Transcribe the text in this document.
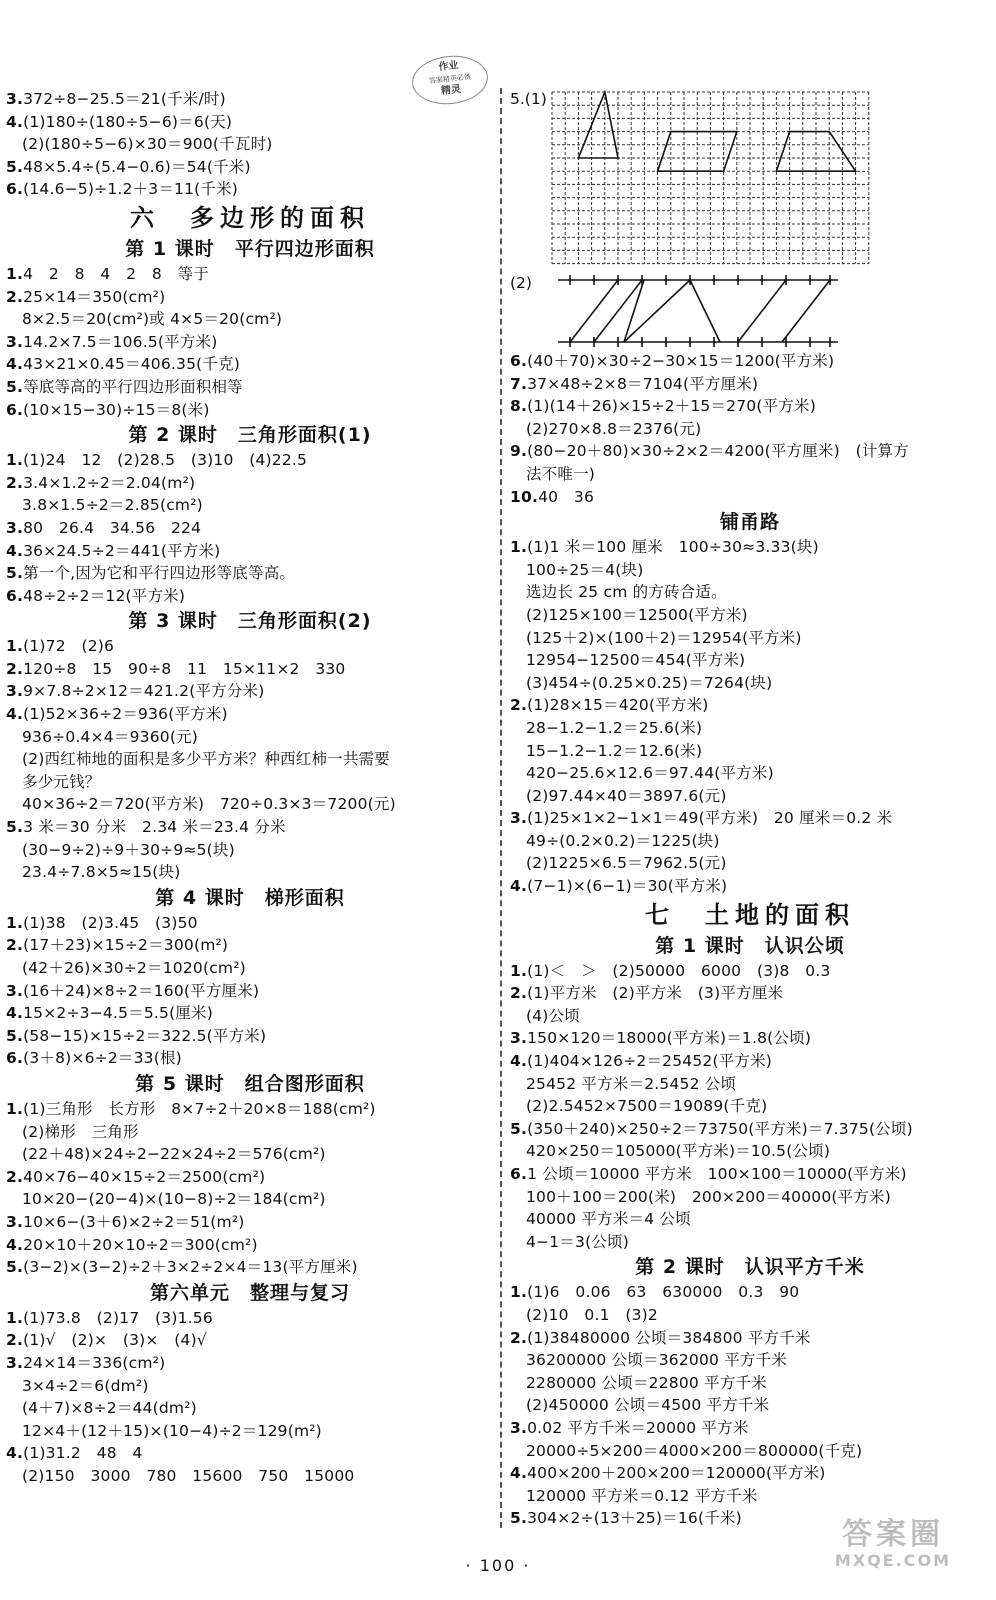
作业
答案精英必备
精灵
3.372÷8−25.5＝21(千米/时)
4.(1)180÷(180÷5−6)＝6(天)
(2)(180÷5−6)×30＝900(千瓦时)
5.48×5.4÷(5.4−0.6)＝54(千米)
6.(14.6−5)÷1.2＋3＝11(千米)
六　多边形的面积
第 1 课时　平行四边形面积
1.4　2　8　4　2　8　等于
2.25×14＝350(cm²)
8×2.5＝20(cm²)或 4×5＝20(cm²)
3.14.2×7.5＝106.5(平方米)
4.43×21×0.45＝406.35(千克)
5.等底等高的平行四边形面积相等
6.(10×15−30)÷15＝8(米)
第 2 课时　三角形面积(1)
1.(1)24　12　(2)28.5　(3)10　(4)22.5
2.3.4×1.2÷2＝2.04(m²)
3.8×1.5÷2＝2.85(cm²)
3.80　26.4　34.56　224
4.36×24.5÷2＝441(平方米)
5.第一个,因为它和平行四边形等底等高。
6.48÷2÷2＝12(平方米)
第 3 课时　三角形面积(2)
1.(1)72　(2)6
2.120÷8　15　90÷8　11　15×11×2　330
3.9×7.8÷2×12＝421.2(平方分米)
4.(1)52×36÷2＝936(平方米)
936÷0.4×4＝9360(元)
(2)西红柿地的面积是多少平方米？种西红柿一共需要
多少元钱？
40×36÷2＝720(平方米)　720÷0.3×3＝7200(元)
5.3 米＝30 分米　2.34 米＝23.4 分米
(30−9÷2)÷9＋30÷9≈5(块)
23.4÷7.8×5≈15(块)
第 4 课时　梯形面积
1.(1)38　(2)3.45　(3)50
2.(17＋23)×15÷2＝300(m²)
(42＋26)×30÷2＝1020(cm²)
3.(16＋24)×8÷2＝160(平方厘米)
4.15×2÷3−4.5＝5.5(厘米)
5.(58−15)×15÷2＝322.5(平方米)
6.(3＋8)×6÷2＝33(根)
第 5 课时　组合图形面积
1.(1)三角形　长方形　8×7÷2＋20×8＝188(cm²)
(2)梯形　三角形
(22＋48)×24÷2−22×24÷2＝576(cm²)
2.40×76−40×15÷2＝2500(cm²)
10×20−(20−4)×(10−8)÷2＝184(cm²)
3.10×6−(3＋6)×2÷2＝51(m²)
4.20×10＋20×10÷2＝300(cm²)
5.(3−2)×(3−2)÷2＋3×2÷2×4＝13(平方厘米)
第六单元　整理与复习
1.(1)73.8　(2)17　(3)1.56
2.(1)√　(2)×　(3)×　(4)√
3.24×14＝336(cm²)
3×4÷2＝6(dm²)
(4＋7)×8÷2＝44(dm²)
12×4＋(12＋15)×(10−4)÷2＝129(m²)
4.(1)31.2　48　4
(2)150　3000　780　15600　750　15000
5.(1)
(2)
6.(40＋70)×30÷2−30×15＝1200(平方米)
7.37×48÷2×8＝7104(平方厘米)
8.(1)(14＋26)×15÷2＋15＝270(平方米)
(2)270×8.8＝2376(元)
9.(80−20＋80)×30÷2×2＝4200(平方厘米)　(计算方
法不唯一)
10.40　36
铺甬路
1.(1)1 米＝100 厘米　100÷30≈3.33(块)
100÷25＝4(块)
选边长 25 cm 的方砖合适。
(2)125×100＝12500(平方米)
(125＋2)×(100＋2)＝12954(平方米)
12954−12500＝454(平方米)
(3)454÷(0.25×0.25)＝7264(块)
2.(1)28×15＝420(平方米)
28−1.2−1.2＝25.6(米)
15−1.2−1.2＝12.6(米)
420−25.6×12.6＝97.44(平方米)
(2)97.44×40＝3897.6(元)
3.(1)25×1×2−1×1＝49(平方米)　20 厘米＝0.2 米
49÷(0.2×0.2)＝1225(块)
(2)1225×6.5＝7962.5(元)
4.(7−1)×(6−1)＝30(平方米)
七　土地的面积
第 1 课时　认识公顷
1.(1)＜　＞　(2)50000　6000　(3)8　0.3
2.(1)平方米　(2)平方米　(3)平方厘米
(4)公顷
3.150×120＝18000(平方米)＝1.8(公顷)
4.(1)404×126÷2＝25452(平方米)
25452 平方米＝2.5452 公顷
(2)2.5452×7500＝19089(千克)
5.(350＋240)×250÷2＝73750(平方米)＝7.375(公顷)
420×250＝105000(平方米)＝10.5(公顷)
6.1 公顷＝10000 平方米　100×100＝10000(平方米)
100＋100＝200(米)　200×200＝40000(平方米)
40000 平方米＝4 公顷
4−1＝3(公顷)
第 2 课时　认识平方千米
1.(1)6　0.06　63　630000　0.3　90
(2)10　0.1　(3)2
2.(1)38480000 公顷＝384800 平方千米
36200000 公顷＝362000 平方千米
2280000 公顷＝22800 平方千米
(2)450000 公顷＝4500 平方千米
3.0.02 平方千米＝20000 平方米
20000÷5×200＝4000×200＝800000(千克)
4.400×200＋200×200＝120000(平方米)
120000 平方米＝0.12 平方千米
5.304×2÷(13＋25)＝16(千米)
· 100 ·
答案圈
MXQE.COM
